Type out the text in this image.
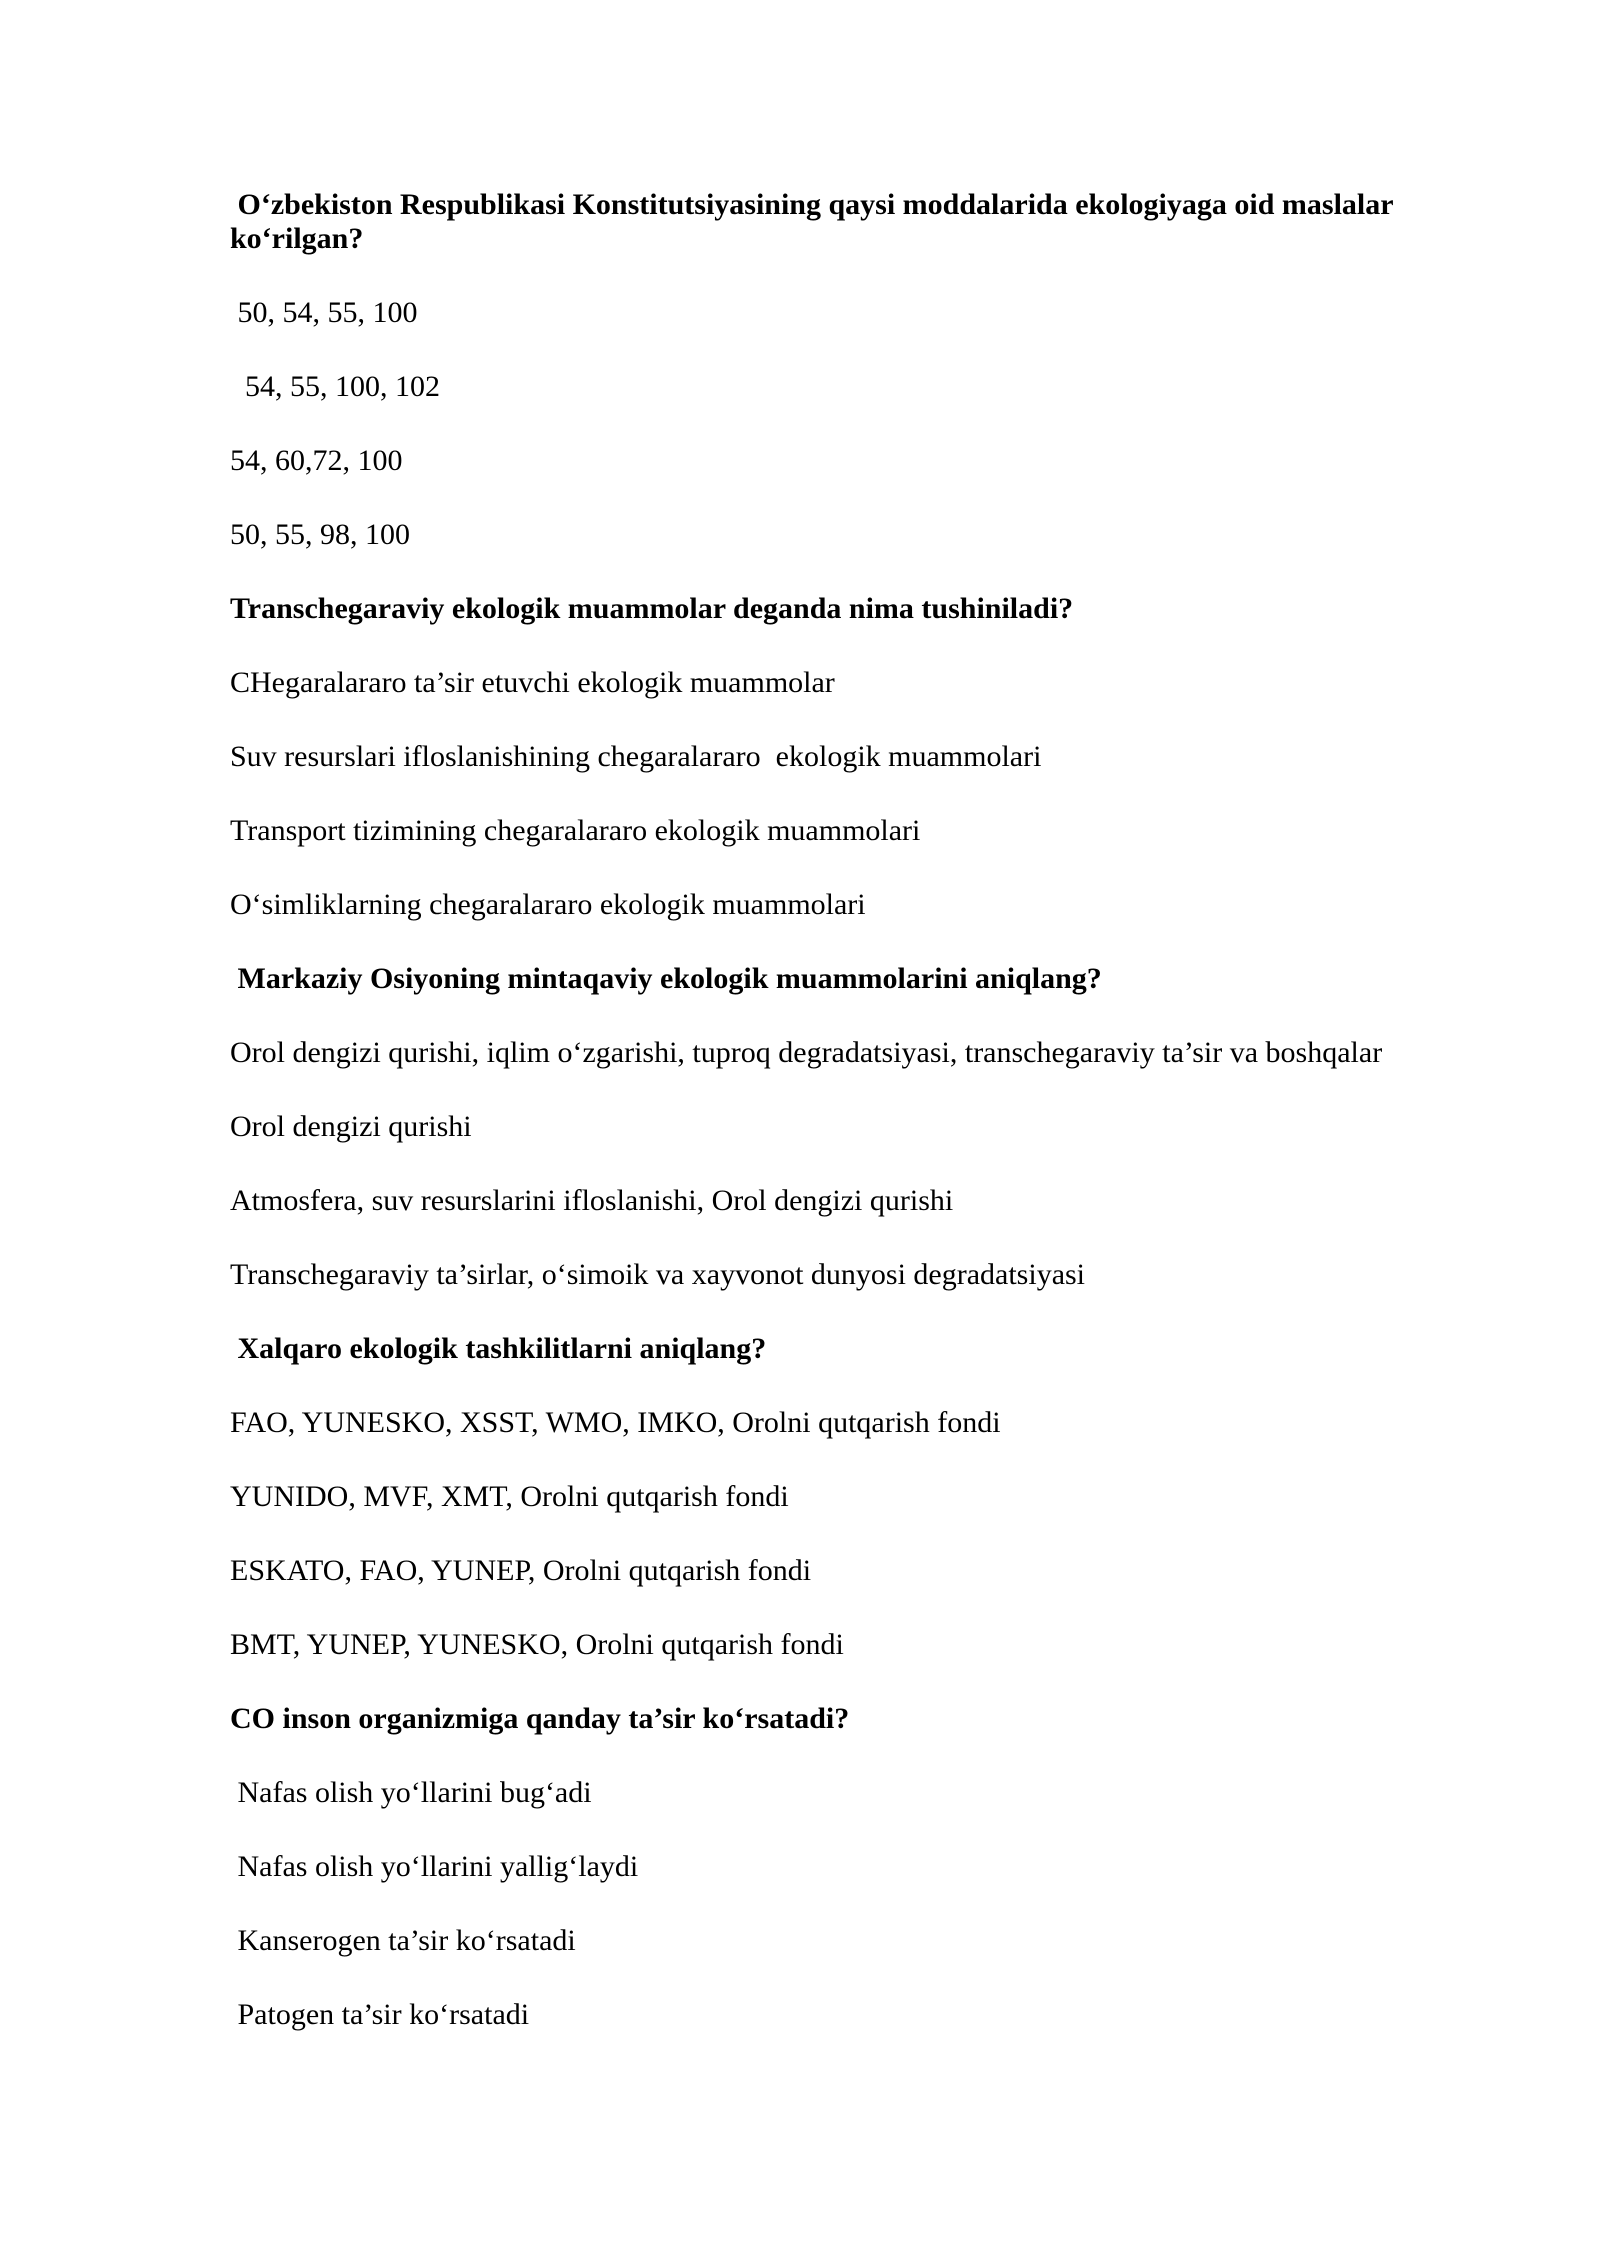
O‘zbekiston Respublikasi Konstitutsiyasining qaysi moddalarida ekologiyaga oid maslalar ko‘rilgan?

50, 54, 55, 100

54, 55, 100, 102

54, 60,72, 100

50, 55, 98, 100

Transchegaraviy ekologik muammolar deganda nima tushiniladi?

CHegaralararo ta’sir etuvchi ekologik muammolar

Suv resurslari ifloslanishining chegaralararo  ekologik muammolari

Transport tizimining chegaralararo ekologik muammolari

O‘simliklarning chegaralararo ekologik muammolari

Markaziy Osiyoning mintaqaviy ekologik muammolarini aniqlang?

Orol dengizi qurishi, iqlim o‘zgarishi, tuproq degradatsiyasi, transchegaraviy ta’sir va boshqalar

Orol dengizi qurishi

Atmosfera, suv resurslarini ifloslanishi, Orol dengizi qurishi

Transchegaraviy ta’sirlar, o‘simoik va xayvonot dunyosi degradatsiyasi

Xalqaro ekologik tashkilitlarni aniqlang?

FAO, YUNESKO, XSST, WMO, IMKO, Orolni qutqarish fondi

YUNIDO, MVF, XMT, Orolni qutqarish fondi

ESKATO, FAO, YUNEP, Orolni qutqarish fondi

BMT, YUNEP, YUNESKO, Orolni qutqarish fondi

CO inson organizmiga qanday ta’sir ko‘rsatadi?

Nafas olish yo‘llarini bug‘adi

Nafas olish yo‘llarini yallig‘laydi

Kanserogen ta’sir ko‘rsatadi

Patogen ta’sir ko‘rsatadi
